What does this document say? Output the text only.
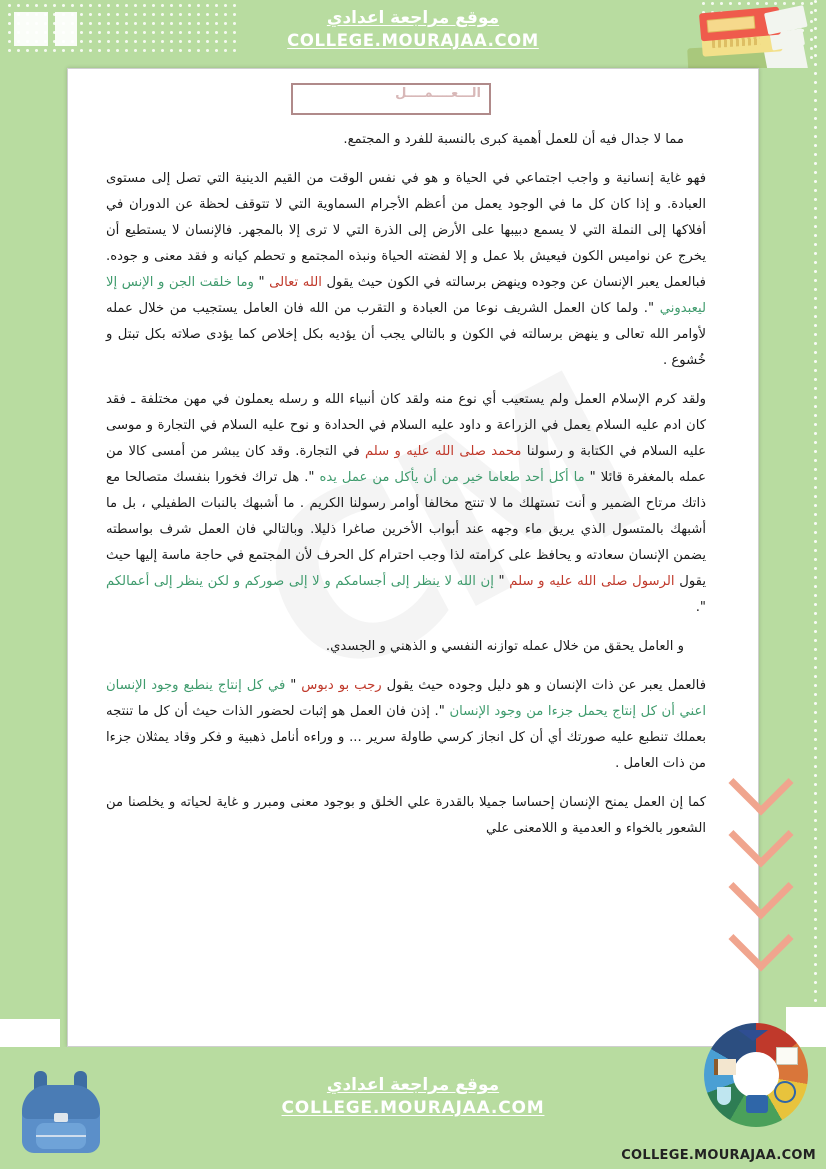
موقع مراجعة اعدادي
COLLEGE.MOURAJAA.COM
الـــعــــمــــل
مما لا جدال فيه أن للعمل أهمية كبرى بالنسبة للفرد و المجتمع.
فهو غاية إنسانية و واجب اجتماعي في الحياة و هو في نفس الوقت من القيم الدينية التي تصل إلى مستوى العبادة. و إذا كان كل ما في الوجود يعمل من أعظم الأجرام السماوية التي لا تتوقف لحظة عن الدوران في أفلاكها إلى النملة التي لا يسمع دبيبها على الأرض إلى الذرة التي لا ترى إلا بالمجهر. فالإنسان لا يستطيع أن يخرج عن نواميس الكون فيعيش بلا عمل و إلا لفضته الحياة ونبذه المجتمع و تحطم كيانه و فقد معنى و جوده. فبالعمل يعبر الإنسان عن وجوده وينهض برسالته في الكون حيث يقول الله تعالى " وما خلقت الجن و الإنس إلا ليعبدوني ". ولما كان العمل الشريف نوعا من العبادة و التقرب من الله فان العامل يستجيب من خلال عمله لأوامر الله تعالى و ينهض برسالته في الكون و بالتالي يجب أن يؤديه بكل إخلاص كما يؤدى صلاته بكل تبتل و خُشوع .
ولقد كرم الإسلام العمل ولم يستعيب أي نوع منه ولقد كان أنبياء الله و رسله يعملون في مهن مختلفة ـ فقد كان ادم عليه السلام يعمل في الزراعة و داود عليه السلام في الحدادة و نوح عليه السلام في التجارة و موسى عليه السلام في الكتابة و رسولنا محمد صلى الله عليه و سلم في التجارة. وقد كان يبشر من أمسى كالا من عمله بالمغفرة قائلا " ما أكل أحد طعاما خير من أن يأكل من عمل يده ". هل تراك فخورا بنفسك متصالحا مع ذاتك مرتاح الضمير و أنت تستهلك ما لا تنتج مخالفا أوامر رسولنا الكريم . ما أشبهك بالنبات الطفيلي ، بل ما أشبهك بالمتسول الذي يريق ماء وجهه عند أبواب الأخرين صاغرا ذليلا. وبالتالي فان العمل شرف بواسطته يضمن الإنسان سعادته و يحافظ على كرامته لذا وجب احترام كل الحرف لأن المجتمع في حاجة ماسة إليها حيث يقول الرسول صلى الله عليه و سلم " إن الله لا ينظر إلى أجسامكم و لا إلى صوركم و لكن ينظر إلى أعمالكم ".
و العامل يحقق من خلال عمله توازنه النفسي و الذهني و الجسدي.
فالعمل يعبر عن ذات الإنسان و هو دليل وجوده حيث يقول رجب بو دبوس " في كل إنتاج ينطبع وجود الإنسان اعني أن كل إنتاج يحمل جزءا من وجود الإنسان ". إذن فان العمل هو إثبات لحضور الذات حيث أن كل ما تنتجه بعملك تنطبع عليه صورتك أي أن كل انجاز كرسي طاولة سرير ... و وراءه أنامل ذهبية و فكر وقاد يمثلان جزءا من ذات العامل .
كما إن العمل يمنح الإنسان إحساسا جميلا بالقدرة علي الخلق و بوجود معنى ومبرر و غاية لحياته و يخلصنا من الشعور بالخواء و العدمية و اللامعنى علي
موقع مراجعة اعدادي
COLLEGE.MOURAJAA.COM
COLLEGE.MOURAJAA.COM
